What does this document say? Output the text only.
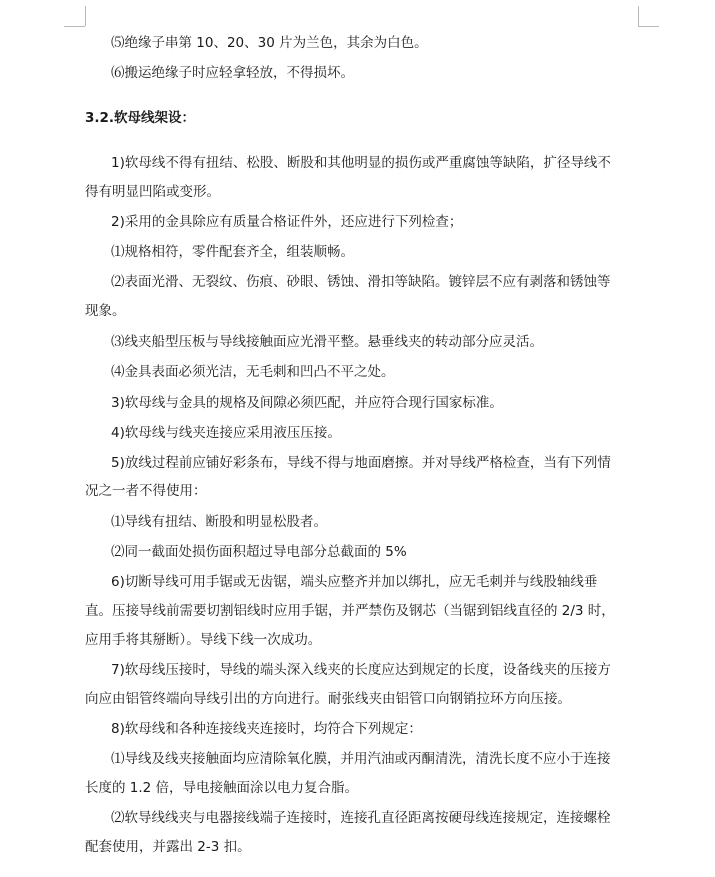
⑸绝缘子串第 10、20、30 片为兰色，其余为白色。
⑹搬运绝缘子时应轻拿轻放，不得损坏。
3.2.软母线架设：
1)软母线不得有扭结、松股、断股和其他明显的损伤或严重腐蚀等缺陷，扩径导线不
得有明显凹陷或变形。
2)采用的金具除应有质量合格证件外，还应进行下列检查；
⑴规格相符，零件配套齐全，组装顺畅。
⑵表面光滑、无裂纹、伤痕、砂眼、锈蚀、滑扣等缺陷。镀锌层不应有剥落和锈蚀等
现象。
⑶线夹船型压板与导线接触面应光滑平整。悬垂线夹的转动部分应灵活。
⑷金具表面必须光洁，无毛刺和凹凸不平之处。
3)软母线与金具的规格及间隙必须匹配，并应符合现行国家标准。
4)软母线与线夹连接应采用液压压接。
5)放线过程前应铺好彩条布，导线不得与地面磨擦。并对导线严格检查，当有下列情
况之一者不得使用：
⑴导线有扭结、断股和明显松股者。
⑵同一截面处损伤面积超过导电部分总截面的 5%
6)切断导线可用手锯或无齿锯，端头应整齐并加以绑扎，应无毛刺并与线股轴线垂
直。压接导线前需要切割铝线时应用手锯，并严禁伤及钢芯（当锯到铝线直径的 2/3 时，
应用手将其掰断）。导线下线一次成功。
7)软母线压接时，导线的端头深入线夹的长度应达到规定的长度，设备线夹的压接方
向应由铝管终端向导线引出的方向进行。耐张线夹由铝管口向钢销拉环方向压接。
8)软母线和各种连接线夹连接时，均符合下列规定：
⑴导线及线夹接触面均应清除氧化膜，并用汽油或丙酮清洗，清洗长度不应小于连接
长度的 1.2 倍，导电接触面涂以电力复合脂。
⑵软导线线夹与电器接线端子连接时，连接孔直径距离按硬母线连接规定，连接螺栓
配套使用，并露出 2-3 扣。
